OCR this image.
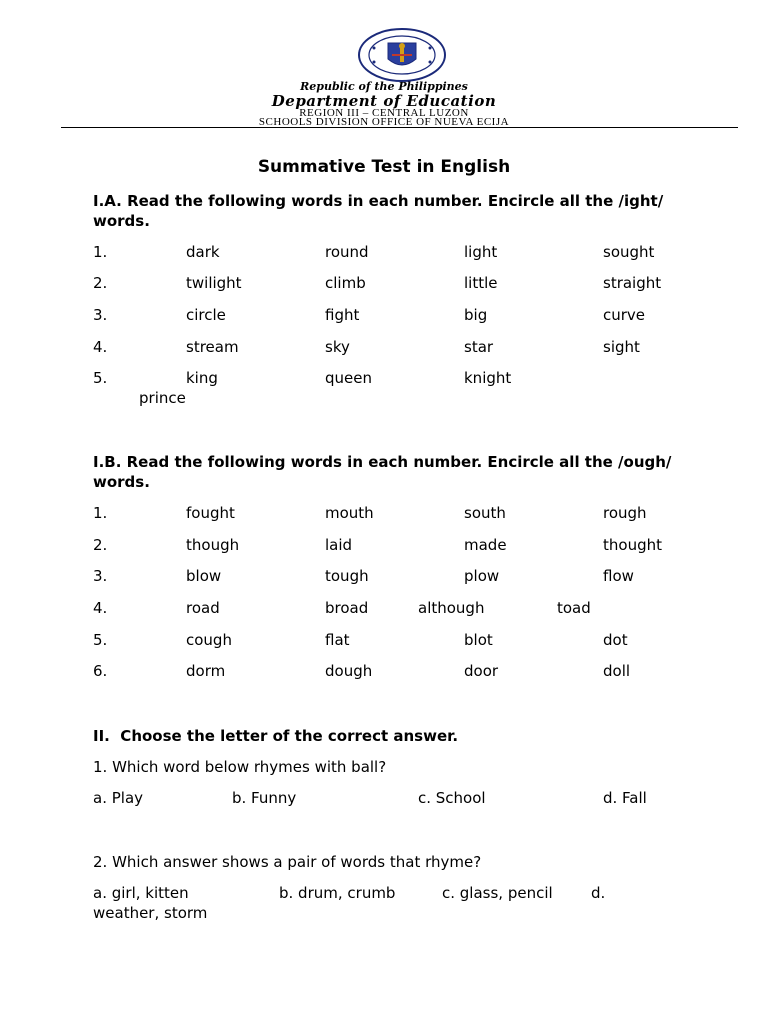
Republic of the Philippines
Department of Education
REGION III – CENTRAL LUZON
SCHOOLS DIVISION OFFICE OF NUEVA ECIJA
Summative Test in English
I.A. Read the following words in each number. Encircle all the /ight/ words.
1.	dark	round	light	sought
2.	twilight	climb	little	straight
3.	circle	fight	big	curve
4.	stream	sky	star	sight
5.	king	queen	knight
prince
I.B. Read the following words in each number. Encircle all the /ough/ words.
1.	fought	mouth	south	rough
2.	though	laid	made	thought
3.	blow	tough	plow	flow
4.	road	broad	although	toad
5.	cough	flat	blot	dot
6.	dorm	dough	door	doll
II.  Choose the letter of the correct answer.
1. Which word below rhymes with ball?
a. Play	b. Funny	c. School	d. Fall
2. Which answer shows a pair of words that rhyme?
a. girl, kitten	b. drum, crumb	c. glass, pencil	d.
weather, storm
